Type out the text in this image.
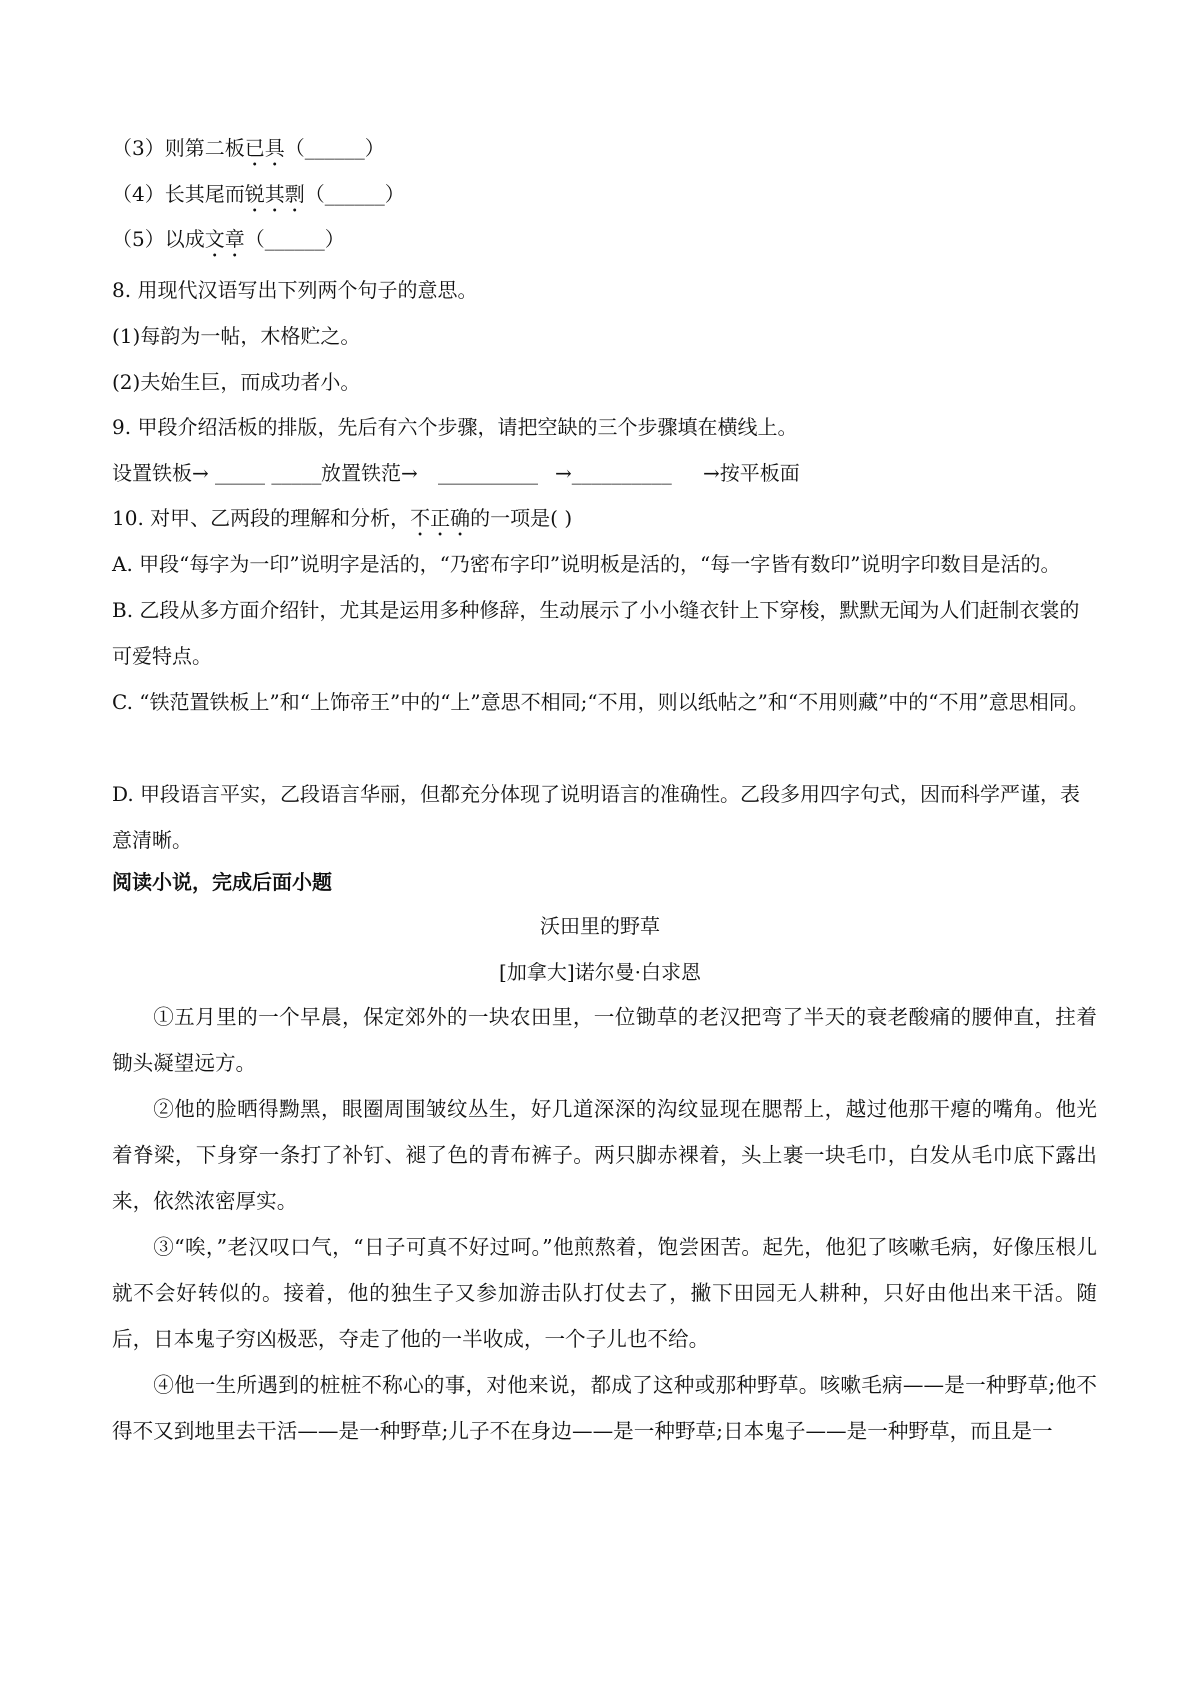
（3）则第二板已具（______）
（4）长其尾而锐其剽（______）
（5）以成文章（______）
8. 用现代汉语写出下列两个句子的意思。
(1)每韵为一帖，木格贮之。
(2)夫始生巨，而成功者小。
9. 甲段介绍活板的排版，先后有六个步骤，请把空缺的三个步骤填在横线上。
设置铁板→ _____ _____ 放置铁范→ __________ →__________ →按平板面
10. 对甲、乙两段的理解和分析，不正确的一项是( )
A. 甲段“每字为一印”说明字是活的，“乃密布字印”说明板是活的，“每一字皆有数印”说明字印数目是活的。
B. 乙段从多方面介绍针，尤其是运用多种修辞，生动展示了小小缝衣针上下穿梭，默默无闻为人们赶制衣裳的可爱特点。
C. “铁范置铁板上”和“上饰帝王”中的“上”意思不相同;“不用，则以纸帖之”和“不用则藏”中的“不用”意思相同。
D. 甲段语言平实，乙段语言华丽，但都充分体现了说明语言的准确性。乙段多用四字句式，因而科学严谨，表意清晰。
阅读小说，完成后面小题
沃田里的野草
[加拿大]诺尔曼·白求恩
①五月里的一个早晨，保定郊外的一块农田里，一位锄草的老汉把弯了半天的衰老酸痛的腰伸直，拄着锄头凝望远方。
②他的脸晒得黝黑，眼圈周围皱纹丛生，好几道深深的沟纹显现在腮帮上，越过他那干瘪的嘴角。他光着脊梁，下身穿一条打了补钉、褪了色的青布裤子。两只脚赤裸着，头上裹一块毛巾，白发从毛巾底下露出来，依然浓密厚实。
③“唉，”老汉叹口气，“日子可真不好过呵。”他煎熬着，饱尝困苦。起先，他犯了咳嗽毛病，好像压根儿就不会好转似的。接着，他的独生子又参加游击队打仗去了，撇下田园无人耕种，只好由他出来干活。随后，日本鬼子穷凶极恶，夺走了他的一半收成，一个子儿也不给。
④他一生所遇到的桩桩不称心的事，对他来说，都成了这种或那种野草。咳嗽毛病——是一种野草;他不得不又到地里去干活——是一种野草;儿子不在身边——是一种野草;日本鬼子——是一种野草，而且是一
